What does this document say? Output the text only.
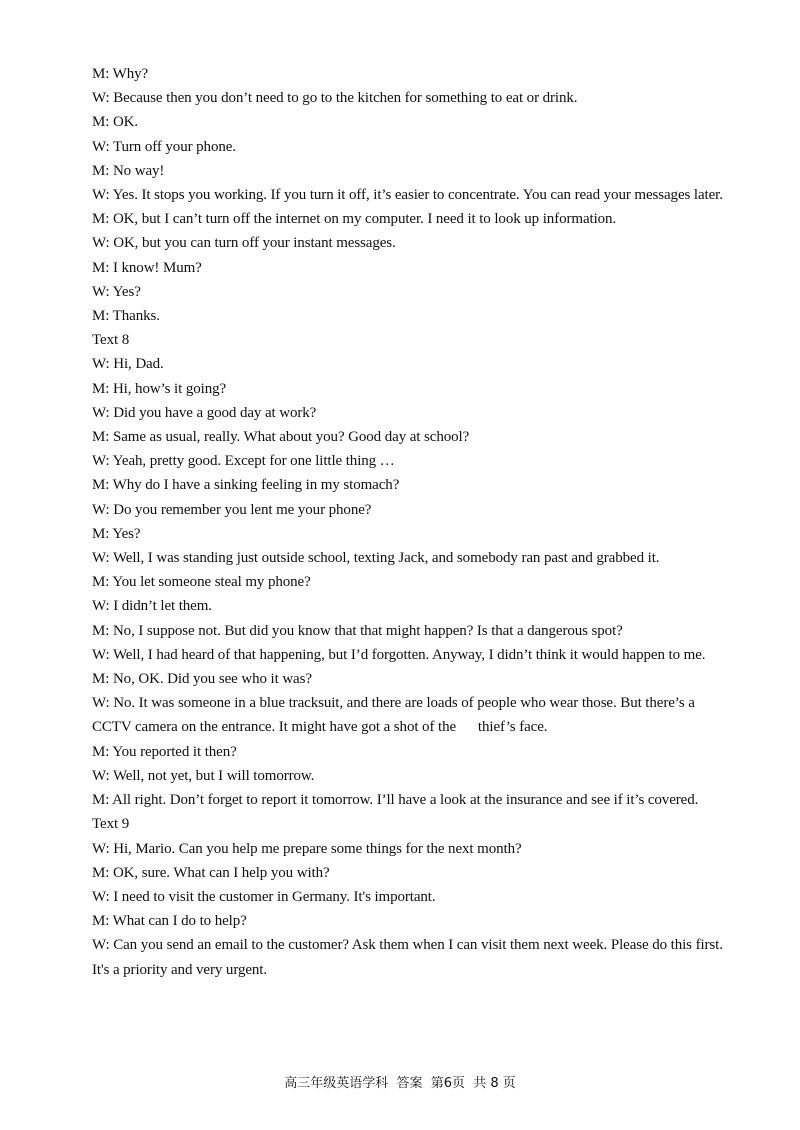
M: Why?
W: Because then you don’t need to go to the kitchen for something to eat or drink.
M: OK.
W: Turn off your phone.
M: No way!
W: Yes. It stops you working. If you turn it off, it’s easier to concentrate. You can read your messages later.
M: OK, but I can’t turn off the internet on my computer. I need it to look up information.
W: OK, but you can turn off your instant messages.
M: I know! Mum?
W: Yes?
M: Thanks.
Text 8
W: Hi, Dad.
M: Hi, how’s it going?
W: Did you have a good day at work?
M: Same as usual, really. What about you? Good day at school?
W: Yeah, pretty good. Except for one little thing …
M: Why do I have a sinking feeling in my stomach?
W: Do you remember you lent me your phone?
M: Yes?
W: Well, I was standing just outside school, texting Jack, and somebody ran past and grabbed it.
M: You let someone steal my phone?
W: I didn’t let them.
M: No, I suppose not. But did you know that that might happen? Is that a dangerous spot?
W: Well, I had heard of that happening, but I’d forgotten. Anyway, I didn’t think it would happen to me.
M: No, OK. Did you see who it was?
W: No. It was someone in a blue tracksuit, and there are loads of people who wear those. But there’s a CCTV camera on the entrance. It might have got a shot of the      thief’s face.
M: You reported it then?
W: Well, not yet, but I will tomorrow.
M: All right. Don’t forget to report it tomorrow. I’ll have a look at the insurance and see if it’s covered.
Text 9
W: Hi, Mario. Can you help me prepare some things for the next month?
M: OK, sure. What can I help you with?
W: I need to visit the customer in Germany. It's important.
M: What can I do to help?
W: Can you send an email to the customer? Ask them when I can visit them next week. Please do this first. It's a priority and very urgent.
高三年级英语学科  答案  第6页  共 8 页
